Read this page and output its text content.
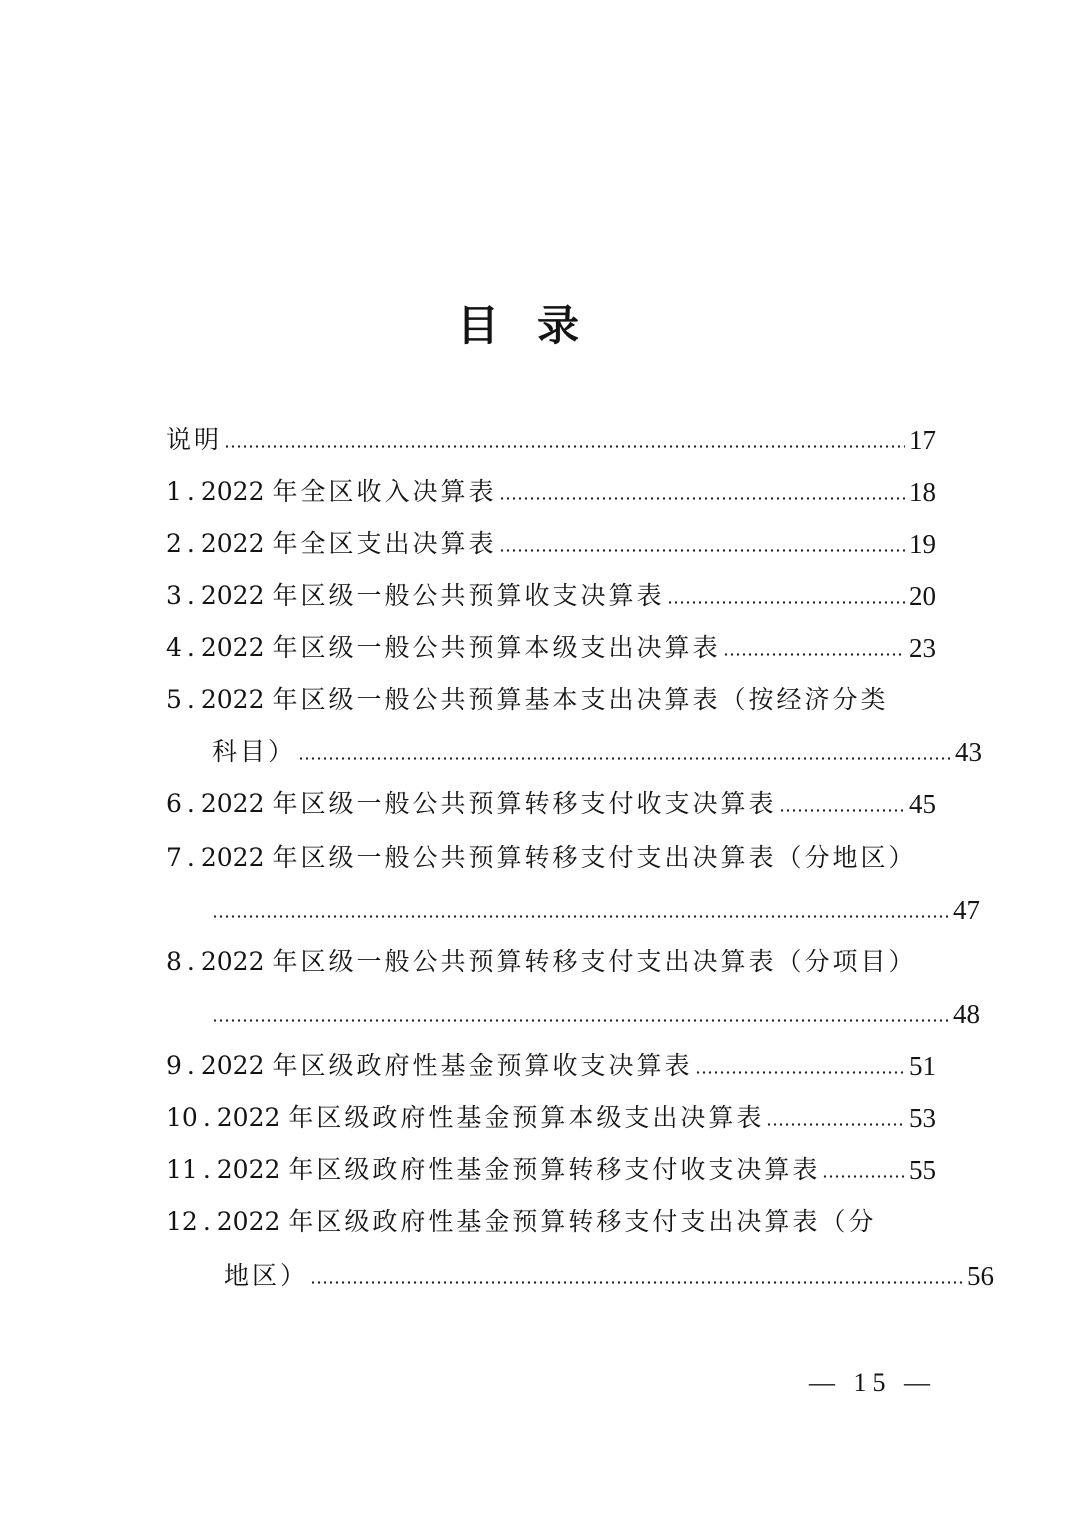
目录
说明	17
1 . 2022 年全区收入决算表	18
2 . 2022 年全区支出决算表	19
3 . 2022 年区级一般公共预算收支决算表	20
4 . 2022 年区级一般公共预算本级支出决算表	23
5 . 2022 年区级一般公共预算基本支出决算表（按经济分类
科目）	43
6 . 2022 年区级一般公共预算转移支付收支决算表	45
7 . 2022 年区级一般公共预算转移支付支出决算表（分地区）
47
8 . 2022 年区级一般公共预算转移支付支出决算表（分项目）
48
9 . 2022 年区级政府性基金预算收支决算表	51
10 . 2022 年区级政府性基金预算本级支出决算表	53
11 . 2022 年区级政府性基金预算转移支付收支决算表	55
12 . 2022 年区级政府性基金预算转移支付支出决算表（分
地区）	56
— 15 —
